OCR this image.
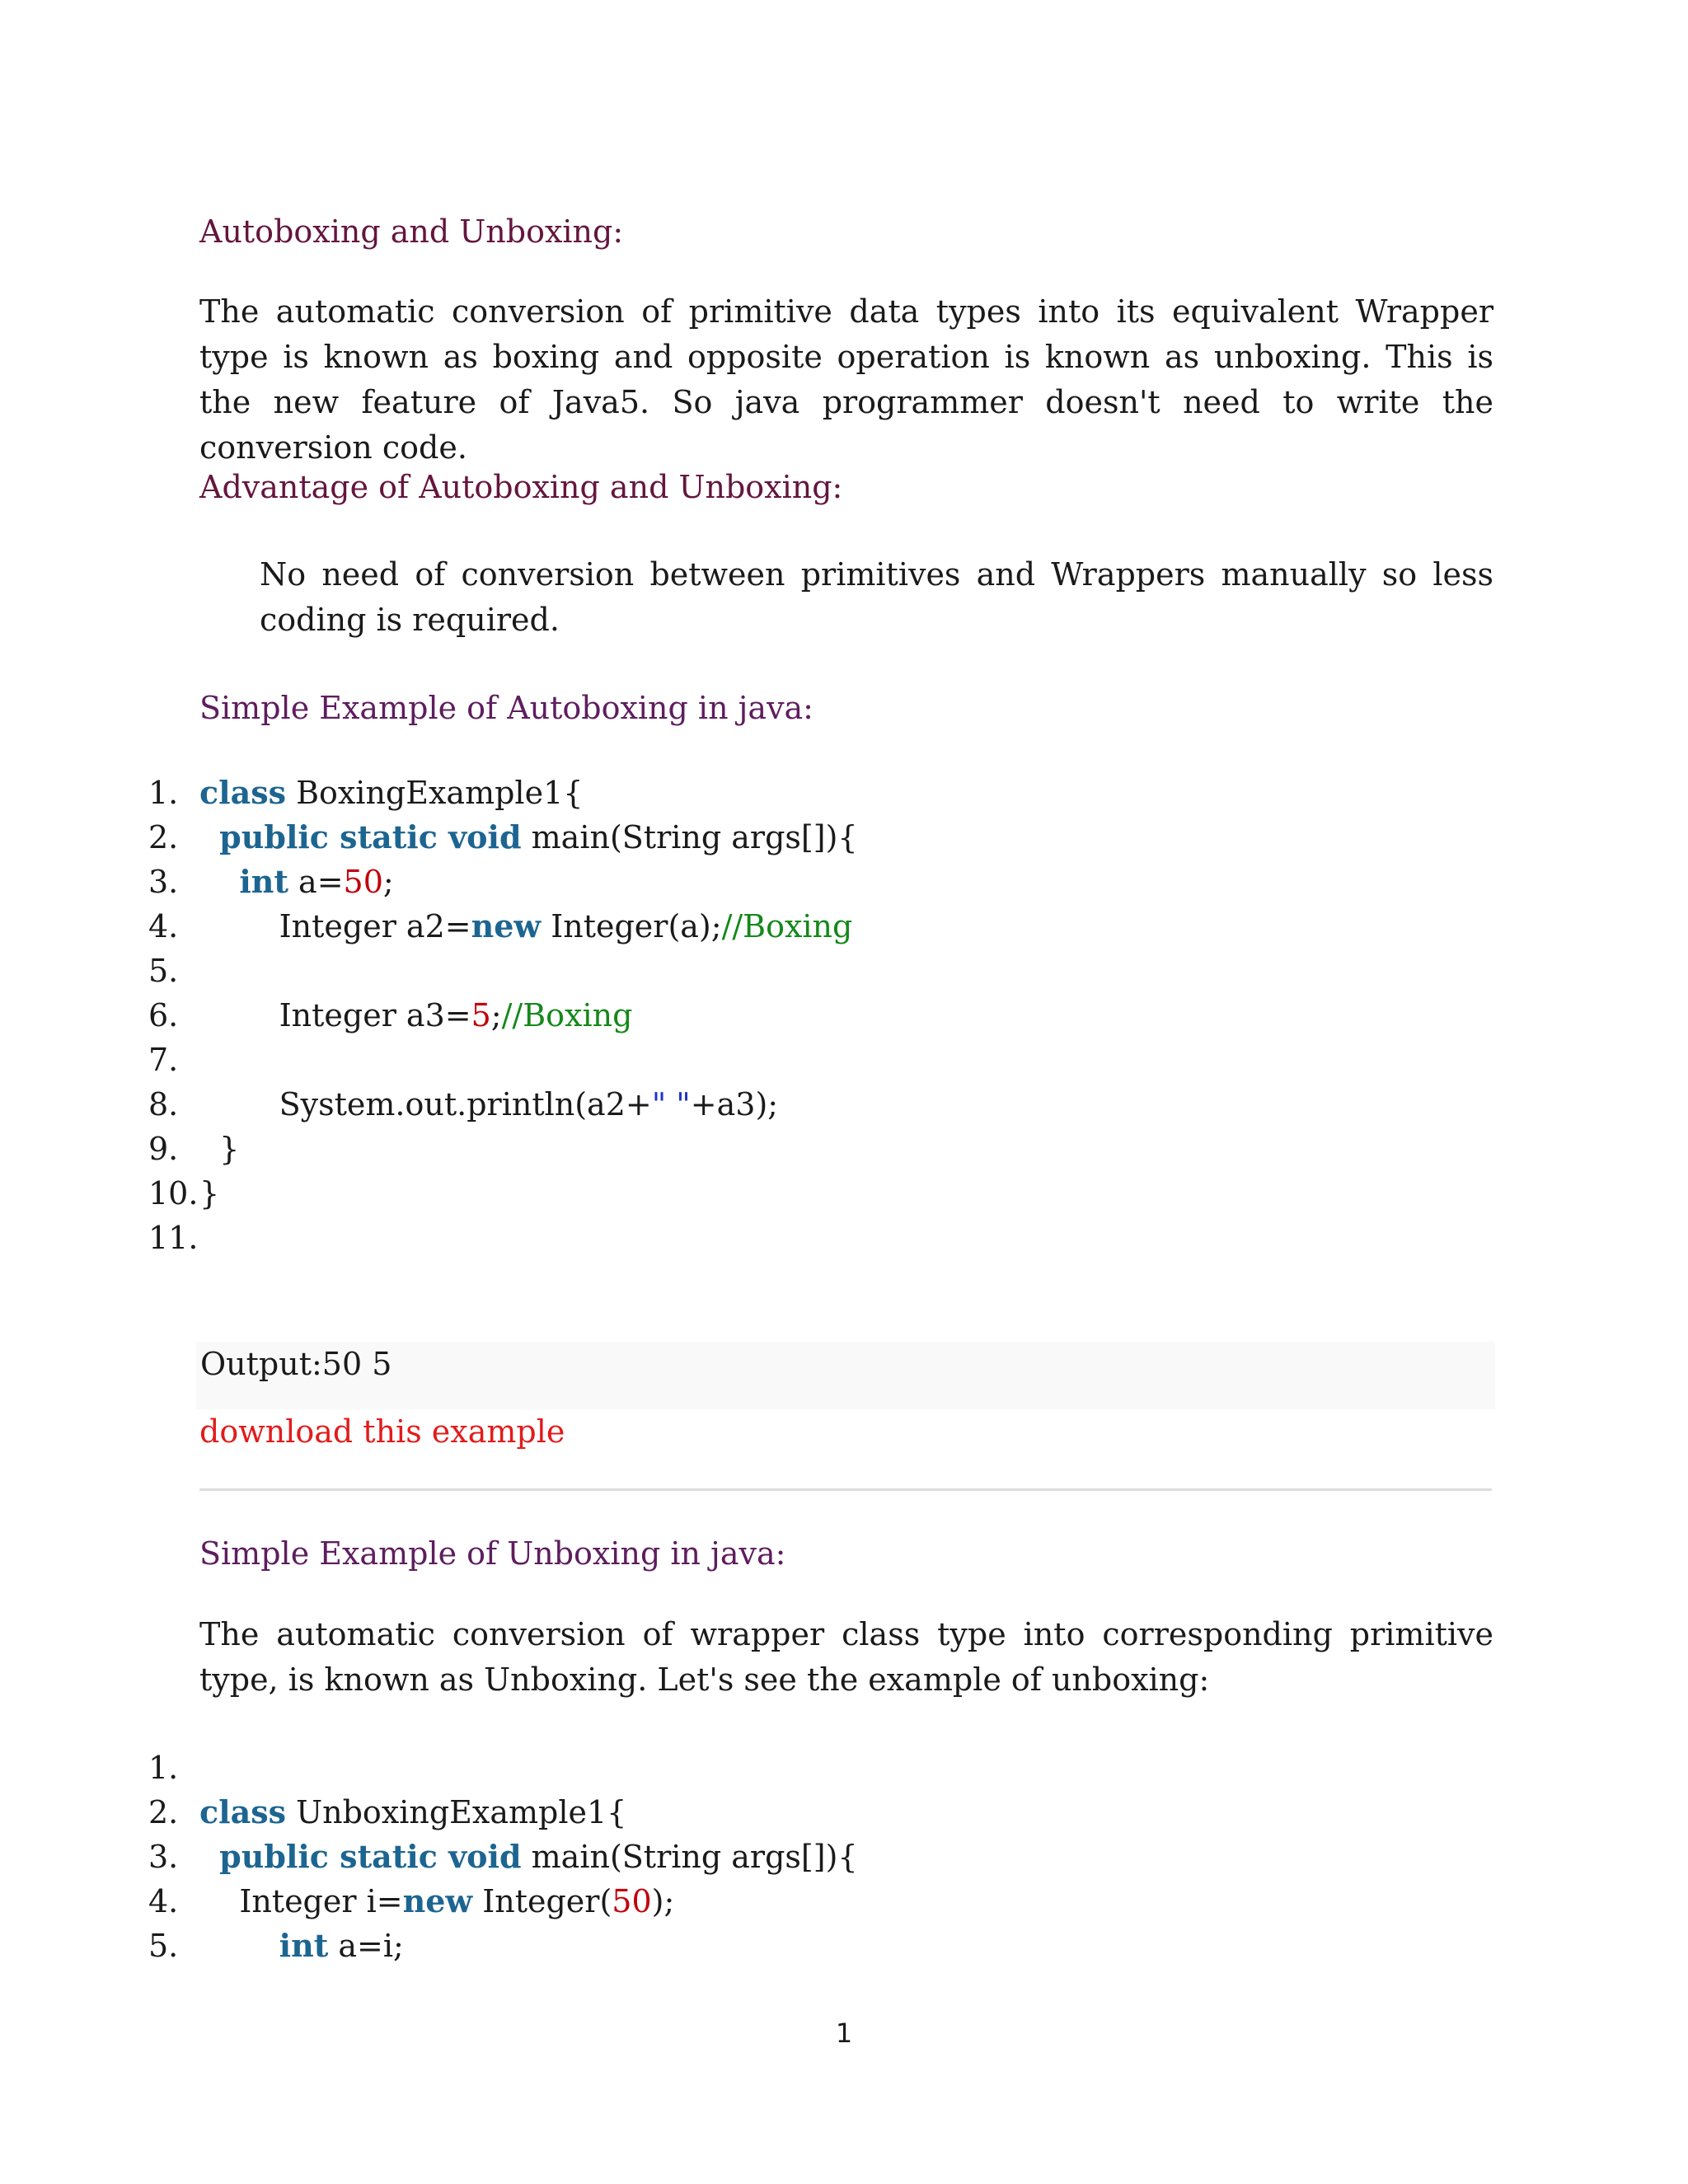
Autoboxing and Unboxing:

The automatic conversion of primitive data types into its equivalent Wrapper type is known as boxing and opposite operation is known as unboxing. This is the new feature of Java5. So java programmer doesn't need to write the conversion code.

Advantage of Autoboxing and Unboxing:

No need of conversion between primitives and Wrappers manually so less coding is required.

Simple Example of Autoboxing in java:
1. class BoxingExample1{
2.	public static void main(String args[]){
3.	int a=50;
4. Integer a2=new Integer(a);//Boxing
5.
6. Integer a3=5;//Boxing
7.
8. System.out.println(a2+" "+a3);
9. }
10. }
11.
Output:50 5
download this example
Simple Example of Unboxing in java:

The automatic conversion of wrapper class type into corresponding primitive type, is known as Unboxing. Let's see the example of unboxing:

1.
2. class UnboxingExample1{
3.	public static void main(String args[]){
4. Integer i=new Integer(50);
5.	int a=i;
1
